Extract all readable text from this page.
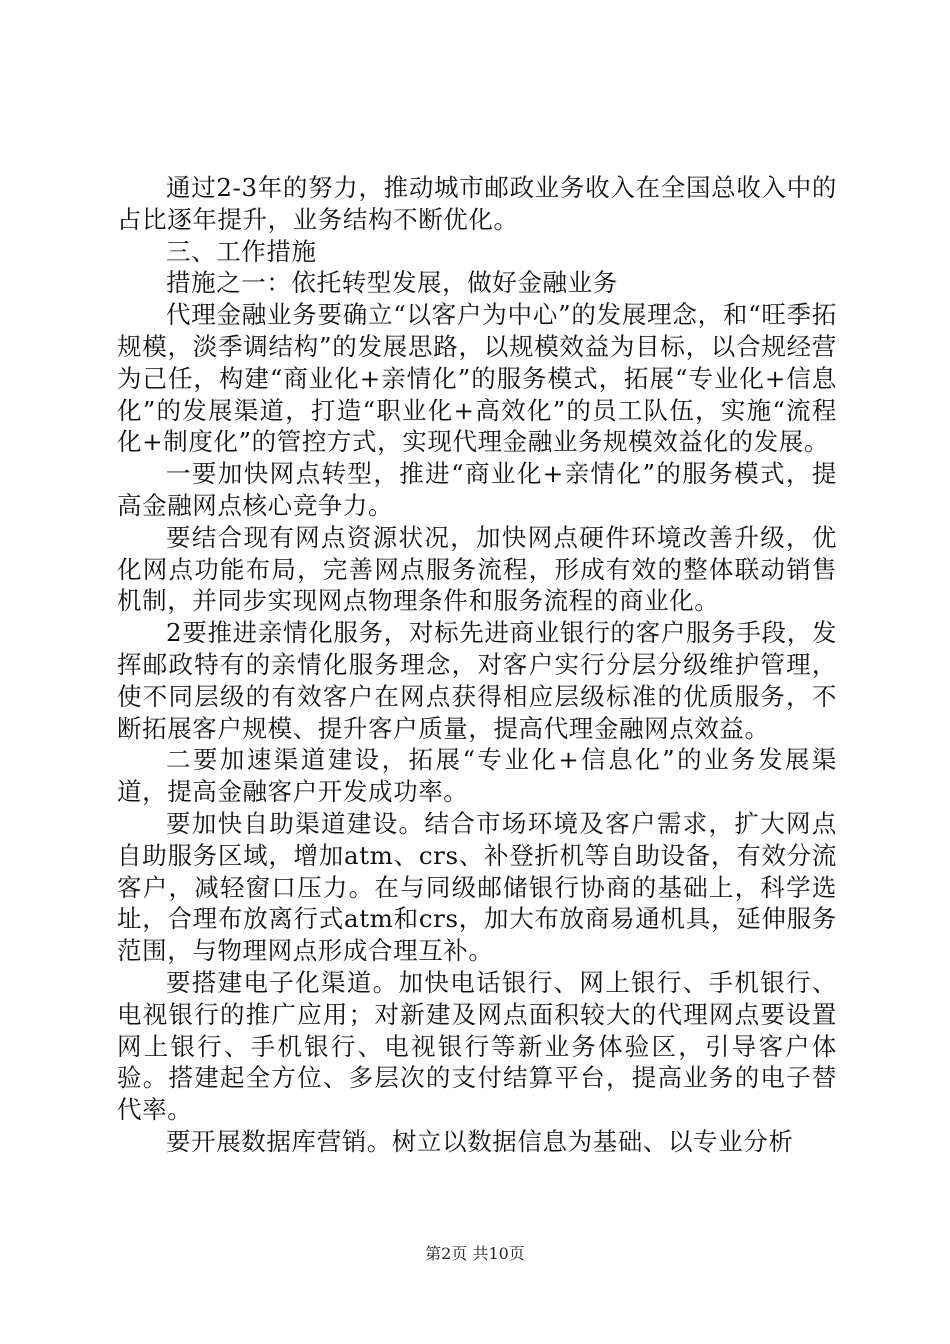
通过2-3年的努力，推动城市邮政业务收入在全国总收入中的占比逐年提升，业务结构不断优化。

三、工作措施

措施之一：依托转型发展，做好金融业务

代理金融业务要确立“以客户为中心”的发展理念，和“旺季拓规模，淡季调结构”的发展思路，以规模效益为目标，以合规经营为己任，构建“商业化+亲情化”的服务模式，拓展“专业化+信息化”的发展渠道，打造“职业化+高效化”的员工队伍，实施“流程化+制度化”的管控方式，实现代理金融业务规模效益化的发展。

一要加快网点转型，推进“商业化+亲情化”的服务模式，提高金融网点核心竞争力。

要结合现有网点资源状况，加快网点硬件环境改善升级，优化网点功能布局，完善网点服务流程，形成有效的整体联动销售机制，并同步实现网点物理条件和服务流程的商业化。

2要推进亲情化服务，对标先进商业银行的客户服务手段，发挥邮政特有的亲情化服务理念，对客户实行分层分级维护管理，使不同层级的有效客户在网点获得相应层级标准的优质服务，不断拓展客户规模、提升客户质量，提高代理金融网点效益。

二要加速渠道建设，拓展“专业化+信息化”的业务发展渠道，提高金融客户开发成功率。

要加快自助渠道建设。结合市场环境及客户需求，扩大网点自助服务区域，增加atm、crs、补登折机等自助设备，有效分流客户，减轻窗口压力。在与同级邮储银行协商的基础上，科学选址，合理布放离行式atm和crs，加大布放商易通机具，延伸服务范围，与物理网点形成合理互补。

要搭建电子化渠道。加快电话银行、网上银行、手机银行、电视银行的推广应用；对新建及网点面积较大的代理网点要设置网上银行、手机银行、电视银行等新业务体验区，引导客户体验。搭建起全方位、多层次的支付结算平台，提高业务的电子替代率。

要开展数据库营销。树立以数据信息为基础、以专业分析

第2页 共10页
